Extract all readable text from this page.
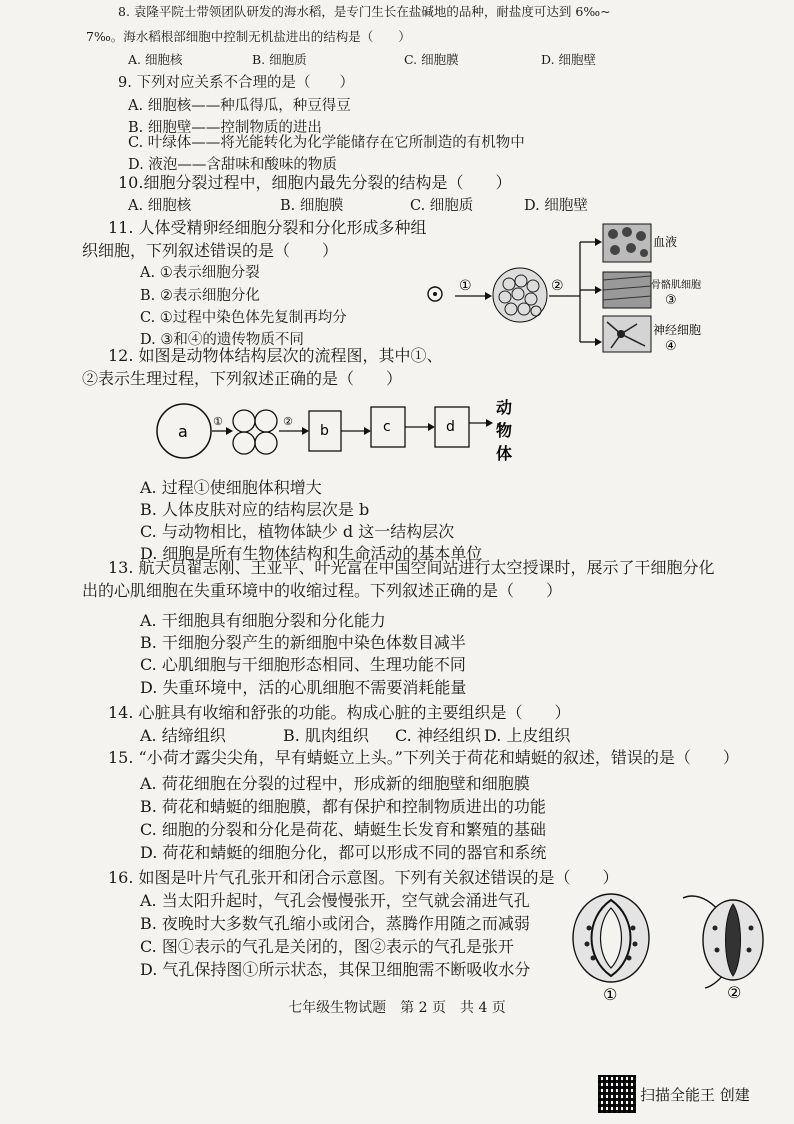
8. 袁隆平院士带领团队研发的海水稻，是专门生长在盐碱地的品种，耐盐度可达到 6‰~
7‰。海水稻根部细胞中控制无机盐进出的结构是（　　）
A. 细胞核	B. 细胞质	C. 细胞膜	D. 细胞壁
9. 下列对应关系不合理的是（　　）
A. 细胞核——种瓜得瓜，种豆得豆
B. 细胞壁——控制物质的进出
C. 叶绿体——将光能转化为化学能储存在它所制造的有机物中
D. 液泡——含甜味和酸味的物质
10.细胞分裂过程中，细胞内最先分裂的结构是（　　）
A. 细胞核	B. 细胞膜	C. 细胞质	D. 细胞壁
11. 人体受精卵经细胞分裂和分化形成多种组
织细胞，下列叙述错误的是（　　）
A. ①表示细胞分裂
B. ②表示细胞分化
C. ①过程中染色体先复制再均分
D. ③和④的遗传物质不同
①	②
血液
骨骼肌细胞
③
神经细胞
④
12. 如图是动物体结构层次的流程图，其中①、
②表示生理过程，下列叙述正确的是（　　）
a
①	②
b	c	d
动
物
体
A. 过程①使细胞体积增大
B. 人体皮肤对应的结构层次是 b
C. 与动物相比，植物体缺少 d 这一结构层次
D. 细胞是所有生物体结构和生命活动的基本单位
13. 航天员翟志刚、王亚平、叶光富在中国空间站进行太空授课时，展示了干细胞分化
出的心肌细胞在失重环境中的收缩过程。下列叙述正确的是（　　）
A. 干细胞具有细胞分裂和分化能力
B. 干细胞分裂产生的新细胞中染色体数目减半
C. 心肌细胞与干细胞形态相同、生理功能不同
D. 失重环境中，活的心肌细胞不需要消耗能量
14. 心脏具有收缩和舒张的功能。构成心脏的主要组织是（　　）
A. 结缔组织	B. 肌肉组织 C. 神经组织 D. 上皮组织
15. “小荷才露尖尖角，早有蜻蜓立上头。”下列关于荷花和蜻蜓的叙述，错误的是（　　）
A. 荷花细胞在分裂的过程中，形成新的细胞壁和细胞膜
B. 荷花和蜻蜓的细胞膜，都有保护和控制物质进出的功能
C. 细胞的分裂和分化是荷花、蜻蜓生长发育和繁殖的基础
D. 荷花和蜻蜓的细胞分化，都可以形成不同的器官和系统
16. 如图是叶片气孔张开和闭合示意图。下列有关叙述错误的是（　　）
A. 当太阳升起时，气孔会慢慢张开，空气就会涌进气孔
B. 夜晚时大多数气孔缩小或闭合，蒸腾作用随之而减弱
C. 图①表示的气孔是关闭的，图②表示的气孔是张开
D. 气孔保持图①所示状态，其保卫细胞需不断吸收水分
①	②
七年级生物试题　第 2 页　共 4 页
扫描全能王 创建
